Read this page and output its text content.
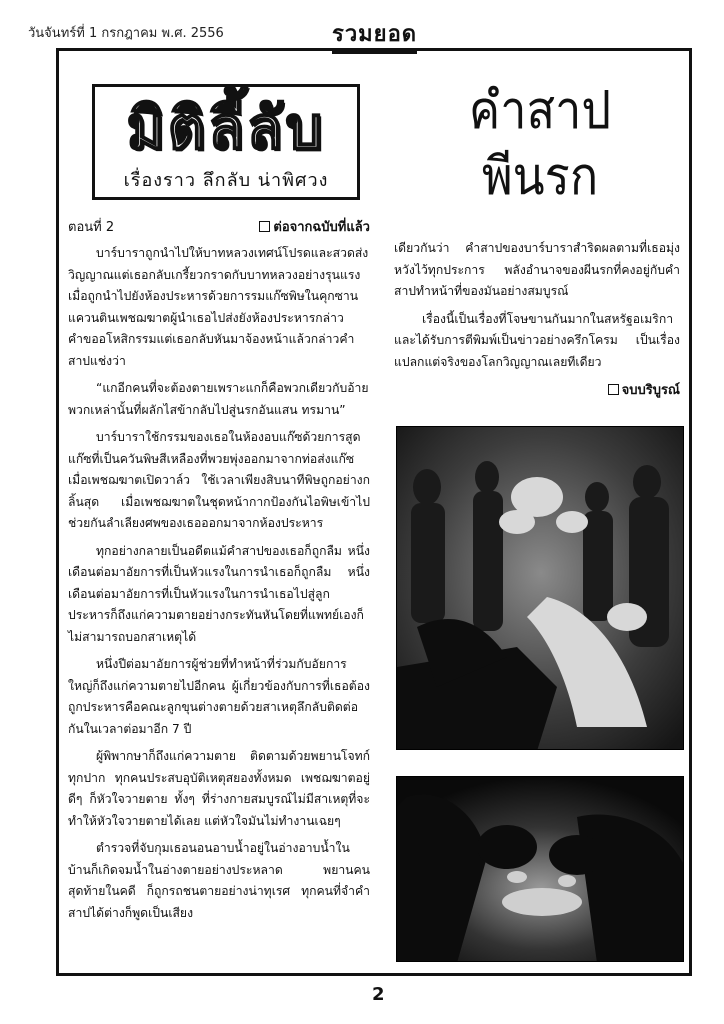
วันจันทร์ที่ 1 กรกฎาคม พ.ศ. 2556	รวมยอด
มิติลี้ลับ
เรื่องราว ลึกลับ น่าพิศวง
คำสาป
พีนรก
ตอนที่ 2	ต่อจากฉบับที่แล้ว

บาร์บาราถูกนำไปให้บาทหลวงเทศน์โปรดและสวดส่งวิญญาณแต่เธอกลับเกรี้ยวกราดกับบาทหลวงอย่างรุนแรง เมื่อถูกนำไปยังห้องประหารด้วยการรมแก๊ซพิษในคุกซานแควนตินเพชฌฆาตผู้นำเธอไปส่งยังห้องประหารกล่าวคำขออโหสิกรรมแต่เธอกลับหันมาจ้องหน้าแล้วกล่าวคำสาปแช่งว่า

“แกอีกคนที่จะต้องตายเพราะแกก็คือพวกเดียวกับอ้ายพวกเหล่านั้นที่ผลักไสข้ากลับไปสู่นรกอันแสน ทรมาน”

บาร์บาราใช้กรรมของเธอในห้องอบแก๊ซด้วยการสูดแก๊ซที่เป็นควันพิษสีเหลืองที่พวยพุ่งออกมาจากท่อส่งแก๊ซ เมื่อเพชฌฆาตเปิดวาล์ว ใช้เวลาเพียงสิบนาทีพิษถูกอย่างกลิ้นสุด เมื่อเพชฌฆาตในชุดหน้ากากป้องกันไอพิษเข้าไปช่วยกันลำเลียงศพของเธอออกมาจากห้องประหาร

ทุกอย่างกลายเป็นอดีตแม้คำสาปของเธอก็ถูกลืม หนึ่งเดือนต่อมาอัยการที่เป็นหัวแรงในการนำเธอก็ถูกลืม หนึ่งเดือนต่อมาอัยการที่เป็นหัวแรงในการนำเธอไปสู่ลูกประหารก็ถึงแก่ความตายอย่างกระทันหันโดยที่แพทย์เองก็ไม่สามารถบอกสาเหตุได้

หนึ่งปีต่อมาอัยการผู้ช่วยที่ทำหน้าที่ร่วมกับอัยการใหญ่ก็ถึงแก่ความตายไปอีกคน ผู้เกี่ยวข้องกับการที่เธอต้องถูกประหารคือคณะลูกขุนต่างตายด้วยสาเหตุลึกลับติดต่อกันในเวลาต่อมาอีก 7 ปี

ผู้พิพากษาก็ถึงแก่ความตาย ติดตามด้วยพยานโจทก์ทุกปาก ทุกคนประสบอุบัติเหตุสยองทั้งหมด เพชฌฆาตอยู่ดีๆ ก็หัวใจวายตาย ทั้งๆ ที่ร่างกายสมบูรณ์ไม่มีสาเหตุที่จะทำให้หัวใจวายตายได้เลย แต่หัวใจมันไม่ทำงานเฉยๆ

ตำรวจที่จับกุมเธอนอนอาบน้ำอยู่ในอ่างอาบน้ำในบ้านก็เกิดจมน้ำในอ่างตายอย่างประหลาด พยานคนสุดท้ายในคดี ก็ถูกรถชนตายอย่างน่าทุเรศ ทุกคนที่จำคำสาปได้ต่างก็พูดเป็นเสียง

เดียวกันว่า คำสาปของบาร์บาราสำริดผลตามที่เธอมุ่งหวังไว้ทุกประการ พลังอำนาจของผีนรกที่คงอยู่กับคำสาปทำหน้าที่ของมันอย่างสมบูรณ์

เรื่องนี้เป็นเรื่องที่โจษขานกันมากในสหรัฐอเมริกาและได้รับการตีพิมพ์เป็นข่าวอย่างครึกโครม เป็นเรื่องแปลกแต่จริงของโลกวิญญาณเลยทีเดียว

จบบริบูรณ์
2
